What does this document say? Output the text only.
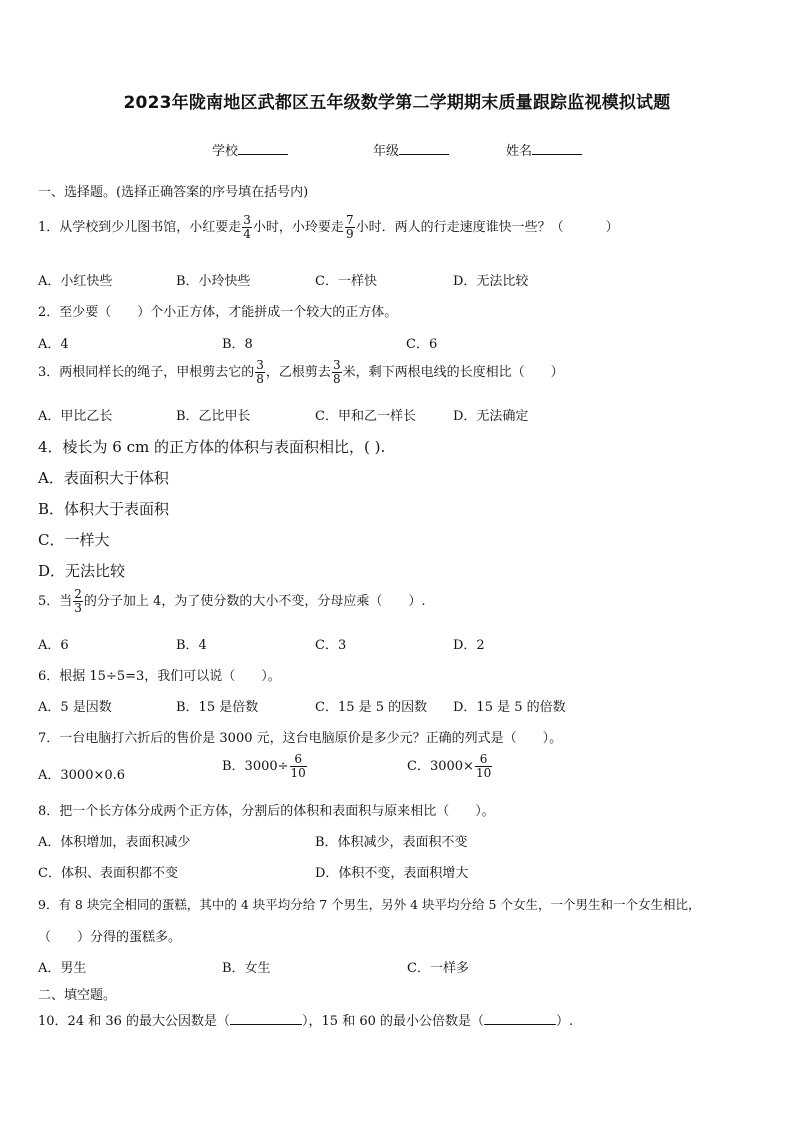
2023年陇南地区武都区五年级数学第二学期期末质量跟踪监视模拟试题
学校	年级	姓名
一、选择题。(选择正确答案的序号填在括号内)
1．从学校到少儿图书馆，小红要走 $\frac{3}{4}$ 小时，小玲要走 $\frac{7}{9}$ 小时．两人的行走速度谁快一些？（	）
A．小红快些	B．小玲快些	C．一样快	D．无法比较
2．至少要（ ）个小正方体，才能拼成一个较大的正方体。
A．4	B．8	C．6
3．两根同样长的绳子，甲根剪去它的 $\frac{3}{8}$ ，乙根剪去 $\frac{3}{8}$ 米，剩下两根电线的长度相比（ ）
A．甲比乙长	B．乙比甲长	C．甲和乙一样长	D．无法确定
4．棱长为 6 cm 的正方体的体积与表面积相比，( ).
A．表面积大于体积
B．体积大于表面积
C．一样大
D．无法比较
5．当 $\frac{2}{3}$ 的分子加上 4，为了使分数的大小不变，分母应乘（ ）.
A．6	B．4	C．3	D．2
6．根据 15÷5=3，我们可以说（ ）。
A．5 是因数	B．15 是倍数	C．15 是 5 的因数 D．15 是 5 的倍数
7．一台电脑打六折后的售价是 3000 元，这台电脑原价是多少元？正确的列式是（ ）。
A．3000×0.6
B．$3000\div \frac{6}{10}$	C．$3000\times \frac{6}{10}$
8．把一个长方体分成两个正方体，分割后的体积和表面积与原来相比（ ）。
A．体积增加，表面积减少	B．体积减少，表面积不变
C．体积、表面积都不变	D．体积不变，表面积增大
9．有 8 块完全相同的蛋糕，其中的 4 块平均分给 7 个男生，另外 4 块平均分给 5 个女生，一个男生和一个女生相比，
（ ）分得的蛋糕多。
A．男生	B．女生	C．一样多
二、填空题。
10．24 和 36 的最大公因数是（	），15 和 60 的最小公倍数是（	）.
